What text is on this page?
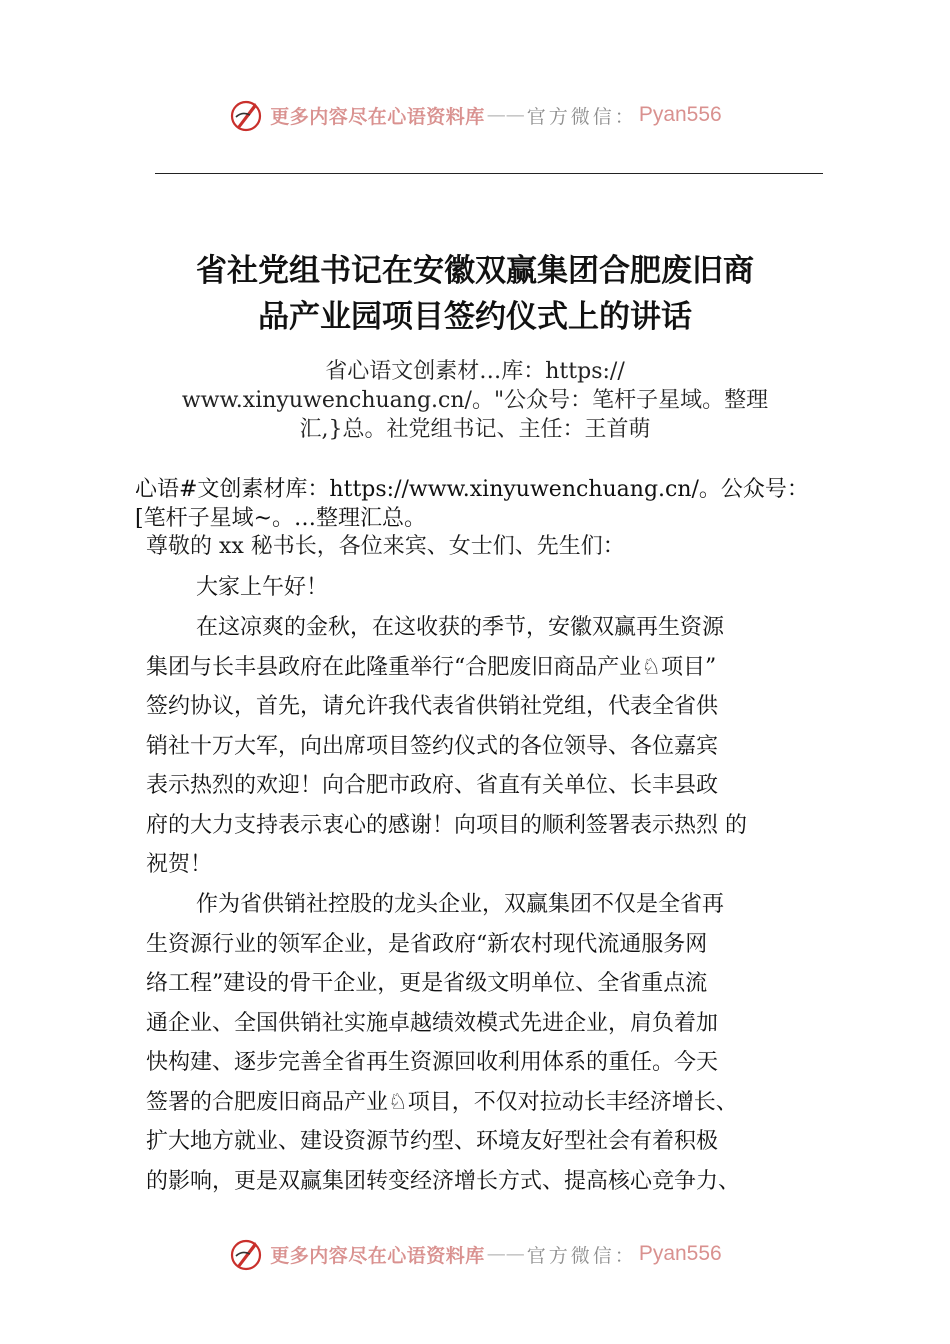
更多内容尽在心语资料库 —— 官方微信： Pyan556
省社党组书记在安徽双赢集团合肥废旧商
品产业园项目签约仪式上的讲话
省心语文创素材…库：https://
www.xinyuwenchuang.cn/。"公众号：笔杆子星域。整理
汇,}总。社党组书记、主任：王首萌
心语#文创素材库：https://www.xinyuwenchuang.cn/。公众号：
[笔杆子星域~。…整理汇总。
尊敬的 xx 秘书长，各位来宾、女士们、先生们：
大家上午好！
在这凉爽的金秋，在这收获的季节，安徽双赢再生资源
集团与长丰县政府在此隆重举行“合肥废旧商品产业♘项目”
签约协议，首先，请允许我代表省供销社党组，代表全省供
销社十万大军，向出席项目签约仪式的各位领导、各位嘉宾
表示热烈的欢迎！向合肥市政府、省直有关单位、长丰县政
府的大力支持表示衷心的感谢！向项目的顺利签署表示热烈 的
祝贺！
作为省供销社控股的龙头企业，双赢集团不仅是全省再
生资源行业的领军企业，是省政府“新农村现代流通服务网
络工程”建设的骨干企业，更是省级文明单位、全省重点流
通企业、全国供销社实施卓越绩效模式先进企业，肩负着加
快构建、逐步完善全省再生资源回收利用体系的重任。今天
签署的合肥废旧商品产业♘项目，不仅对拉动长丰经济增长、
扩大地方就业、建设资源节约型、环境友好型社会有着积极
的影响，更是双赢集团转变经济增长方式、提高核心竞争力、
更多内容尽在心语资料库 —— 官方微信： Pyan556
